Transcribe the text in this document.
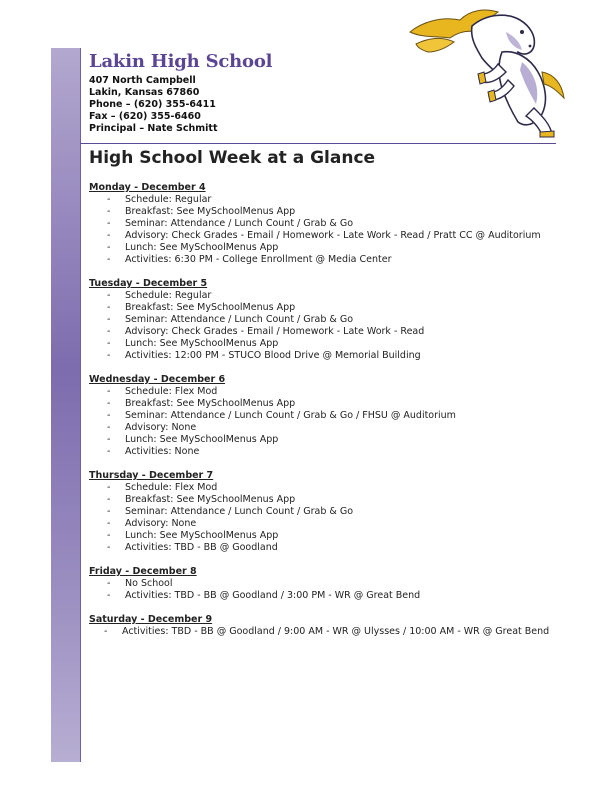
Lakin High School
407 North Campbell
Lakin, Kansas 67860
Phone – (620) 355-6411
Fax – (620) 355-6460
Principal – Nate Schmitt
High School Week at a Glance
Monday - December 4
- Schedule: Regular
- Breakfast: See MySchoolMenus App
- Seminar: Attendance / Lunch Count / Grab & Go
- Advisory: Check Grades - Email / Homework - Late Work - Read / Pratt CC @ Auditorium
- Lunch: See MySchoolMenus App
- Activities: 6:30 PM - College Enrollment @ Media Center
Tuesday - December 5
- Schedule: Regular
- Breakfast: See MySchoolMenus App
- Seminar: Attendance / Lunch Count / Grab & Go
- Advisory: Check Grades - Email / Homework - Late Work - Read
- Lunch: See MySchoolMenus App
- Activities: 12:00 PM - STUCO Blood Drive @ Memorial Building
Wednesday - December 6
- Schedule: Flex Mod
- Breakfast: See MySchoolMenus App
- Seminar: Attendance / Lunch Count / Grab & Go / FHSU @ Auditorium
- Advisory: None
- Lunch: See MySchoolMenus App
- Activities: None
Thursday - December 7
- Schedule: Flex Mod
- Breakfast: See MySchoolMenus App
- Seminar: Attendance / Lunch Count / Grab & Go
- Advisory: None
- Lunch: See MySchoolMenus App
- Activities: TBD - BB @ Goodland
Friday - December 8
- No School
- Activities: TBD - BB @ Goodland / 3:00 PM - WR @ Great Bend
Saturday - December 9
- Activities: TBD - BB @ Goodland / 9:00 AM - WR @ Ulysses / 10:00 AM - WR @ Great Bend
